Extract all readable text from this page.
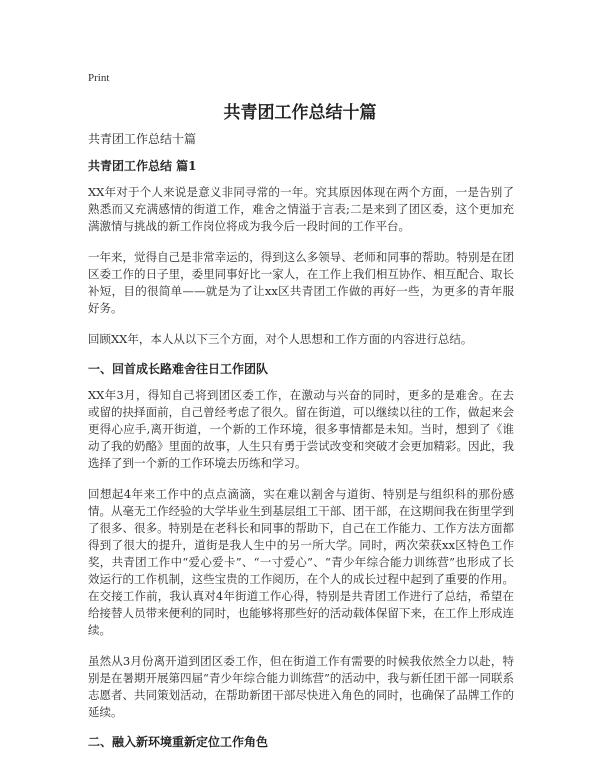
Print
共青团工作总结十篇
共青团工作总结十篇
共青团工作总结 篇1
XX年对于个人来说是意义非同寻常的一年。究其原因体现在两个方面，一是告别了熟悉而又充满感情的街道工作，难舍之情溢于言表;二是来到了团区委，这个更加充满激情与挑战的新工作岗位将成为我今后一段时间的工作平台。
一年来，觉得自己是非常幸运的，得到这么多领导、老师和同事的帮助。特别是在团区委工作的日子里，委里同事好比一家人，在工作上我们相互协作、相互配合、取长补短，目的很简单——就是为了让xx区共青团工作做的再好一些，为更多的青年服好务。
回顾XX年，本人从以下三个方面，对个人思想和工作方面的内容进行总结。
一、回首成长路难舍往日工作团队
XX年3月，得知自己将到团区委工作，在激动与兴奋的同时，更多的是难舍。在去或留的抉择面前，自己曾经考虑了很久。留在街道，可以继续以往的工作，做起来会更得心应手,离开街道，一个新的工作环境，很多事情都是未知。当时，想到了《谁动了我的奶酪》里面的故事，人生只有勇于尝试改变和突破才会更加精彩。因此，我选择了到一个新的工作环境去历练和学习。
回想起4年来工作中的点点滴滴，实在难以割舍与道街、特别是与组织科的那份感情。从毫无工作经验的大学毕业生到基层组工干部、团干部，在这期间我在街里学到了很多、很多。特别是在老科长和同事的帮助下，自己在工作能力、工作方法方面都得到了很大的提升，道街是我人生中的另一所大学。同时，两次荣获xx区特色工作奖，共青团工作中“爱心爱卡”、“一寸爱心”、“青少年综合能力训练营”也形成了长效运行的工作机制，这些宝贵的工作阅历，在个人的成长过程中起到了重要的作用。在交接工作前，我认真对4年街道工作心得，特别是共青团工作进行了总结，希望在给接替人员带来便利的同时，也能够将那些好的活动载体保留下来，在工作上形成连续。
虽然从3月份离开道到团区委工作，但在街道工作有需要的时候我依然全力以赴，特别是在暑期开展第四届“青少年综合能力训练营”的活动中，我与新任团干部一同联系志愿者、共同策划活动，在帮助新团干部尽快进入角色的同时，也确保了品牌工作的延续。
二、融入新环境重新定位工作角色
